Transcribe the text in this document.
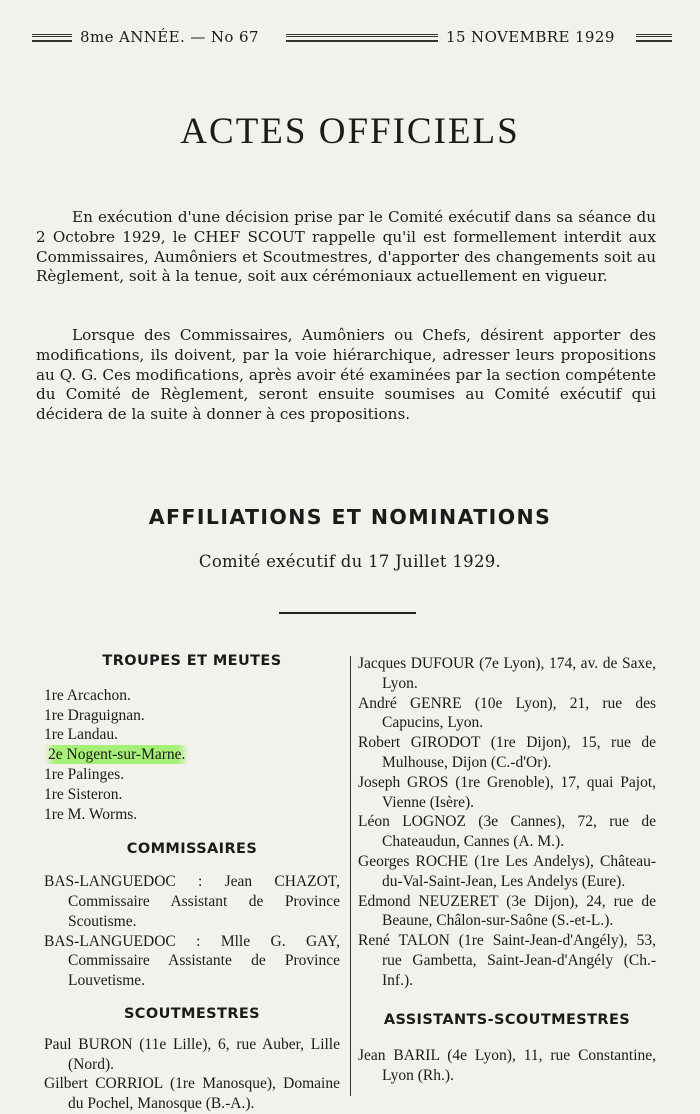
8me ANNÉE. — No 67	15 NOVEMBRE 1929
ACTES OFFICIELS
En exécution d'une décision prise par le Comité exécutif dans sa séance du 2 Octobre 1929, le CHEF SCOUT rappelle qu'il est formellement interdit aux Commissaires, Aumôniers et Scoutmestres, d'apporter des changements soit au Règlement, soit à la tenue, soit aux cérémoniaux actuellement en vigueur.
Lorsque des Commissaires, Aumôniers ou Chefs, désirent apporter des modifications, ils doivent, par la voie hiérarchique, adresser leurs propositions au Q. G. Ces modifications, après avoir été examinées par la section compétente du Comité de Règlement, seront ensuite soumises au Comité exécutif qui décidera de la suite à donner à ces propositions.
AFFILIATIONS ET NOMINATIONS
Comité exécutif du 17 Juillet 1929.
TROUPES ET MEUTES
1re Arcachon.
1re Draguignan.
1re Landau.
2e Nogent-sur-Marne.
1re Palinges.
1re Sisteron.
1re M. Worms.
COMMISSAIRES
BAS-LANGUEDOC : Jean CHAZOT, Commissaire Assistant de Province Scoutisme.
BAS-LANGUEDOC : Mlle G. GAY, Commissaire Assistante de Province Louvetisme.
SCOUTMESTRES
Paul BURON (11e Lille), 6, rue Auber, Lille (Nord).
Gilbert CORRIOL (1re Manosque), Domaine du Pochel, Manosque (B.-A.).
Jacques DUFOUR (7e Lyon), 174, av. de Saxe, Lyon.
André GENRE (10e Lyon), 21, rue des Capucins, Lyon.
Robert GIRODOT (1re Dijon), 15, rue de Mulhouse, Dijon (C.-d'Or).
Joseph GROS (1re Grenoble), 17, quai Pajot, Vienne (Isère).
Léon LOGNOZ (3e Cannes), 72, rue de Chateaudun, Cannes (A. M.).
Georges ROCHE (1re Les Andelys), Château-du-Val-Saint-Jean, Les Andelys (Eure).
Edmond NEUZERET (3e Dijon), 24, rue de Beaune, Châlon-sur-Saône (S.-et-L.).
René TALON (1re Saint-Jean-d'Angély), 53, rue Gambetta, Saint-Jean-d'Angély (Ch.-Inf.).
ASSISTANTS-SCOUTMESTRES
Jean BARIL (4e Lyon), 11, rue Constantine, Lyon (Rh.).
